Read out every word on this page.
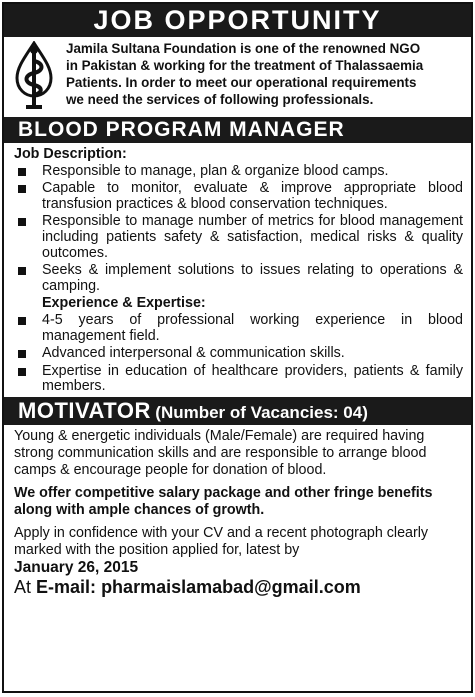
JOB OPPORTUNITY
Jamila Sultana Foundation is one of the renowned NGO
in Pakistan & working for the treatment of Thalassaemia
Patients. In order to meet our operational requirements
we need the services of following professionals.
BLOOD PROGRAM MANAGER
Job Description:
Responsible to manage, plan & organize blood camps.
Capable to monitor, evaluate & improve appropriate blood transfusion practices & blood conservation techniques.
Responsible to manage number of metrics for blood management including patients safety & satisfaction, medical risks & quality outcomes.
Seeks & implement solutions to issues relating to operations & camping.
Experience & Expertise:
4-5 years of professional working experience in blood management field.
Advanced interpersonal & communication skills.
Expertise in education of healthcare providers, patients & family members.
MOTIVATOR (Number of Vacancies: 04)
Young & energetic individuals (Male/Female) are required having strong communication skills and are responsible to arrange blood camps & encourage people for donation of blood.
We offer competitive salary package and other fringe benefits along with ample chances of growth.
Apply in confidence with your CV and a recent photograph clearly marked with the position applied for, latest by
January 26, 2015
At E-mail: pharmaislamabad@gmail.com
